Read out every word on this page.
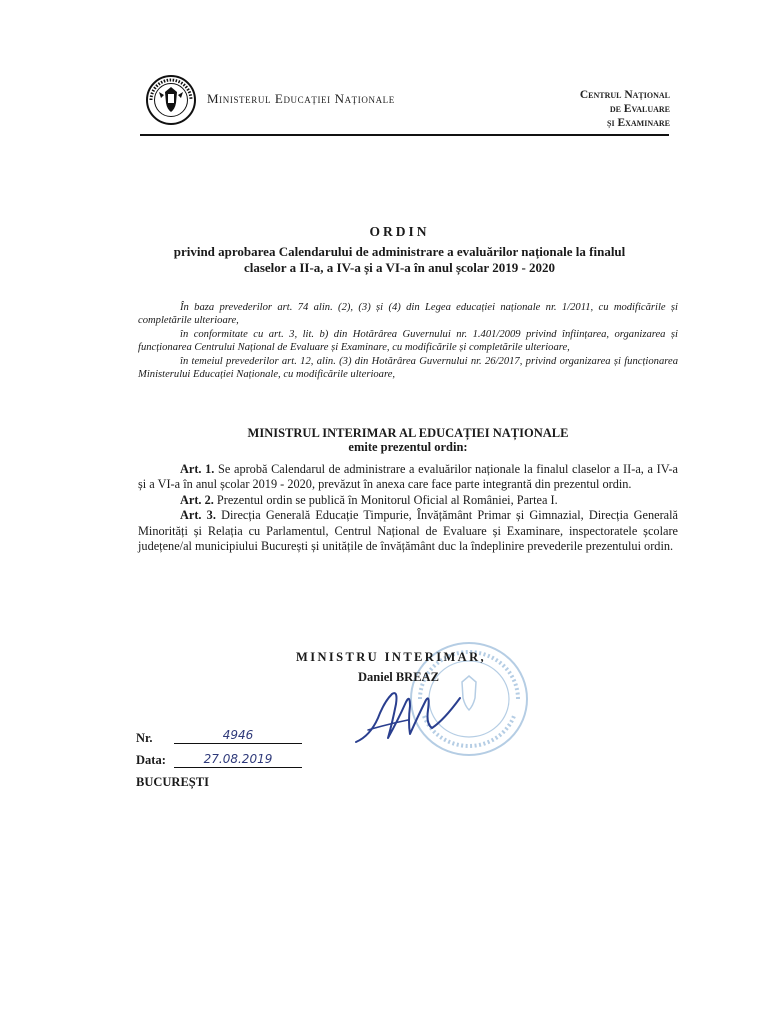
Ministerul Educației Naționale	Centrul Național
de Evaluare
și Examinare
ORDIN
privind aprobarea Calendarului de administrare a evaluărilor naționale la finalul
claselor a II-a, a IV-a și a VI-a în anul școlar 2019 - 2020

În baza prevederilor art. 74 alin. (2), (3) și (4) din Legea educației naționale nr. 1/2011, cu modificările și completările ulterioare,

în conformitate cu art. 3, lit. b) din Hotărârea Guvernului nr. 1.401/2009 privind înființarea, organizarea și funcționarea Centrului Național de Evaluare și Examinare, cu modificările și completările ulterioare,

în temeiul prevederilor art. 12, alin. (3) din Hotărârea Guvernului nr. 26/2017, privind organizarea și funcționarea Ministerului Educației Naționale, cu modificările ulterioare,

MINISTRUL INTERIMAR AL EDUCAȚIEI NAȚIONALE
emite prezentul ordin:

Art. 1. Se aprobă Calendarul de administrare a evaluărilor naționale la finalul claselor a II-a, a IV-a și a VI-a în anul școlar 2019 - 2020, prevăzut în anexa care face parte integrantă din prezentul ordin.

Art. 2. Prezentul ordin se publică în Monitorul Oficial al României, Partea I.

Art. 3. Direcția Generală Educație Timpurie, Învățământ Primar și Gimnazial, Direcția Generală Minorități și Relația cu Parlamentul, Centrul Național de Evaluare și Examinare, inspectoratele școlare județene/al municipiului București și unitățile de învățământ duc la îndeplinire prevederile prezentului ordin.

MINISTRU INTERIMAR,
Daniel BREAZ
Nr.	4946
Data:	27.08.2019
BUCUREȘTI
